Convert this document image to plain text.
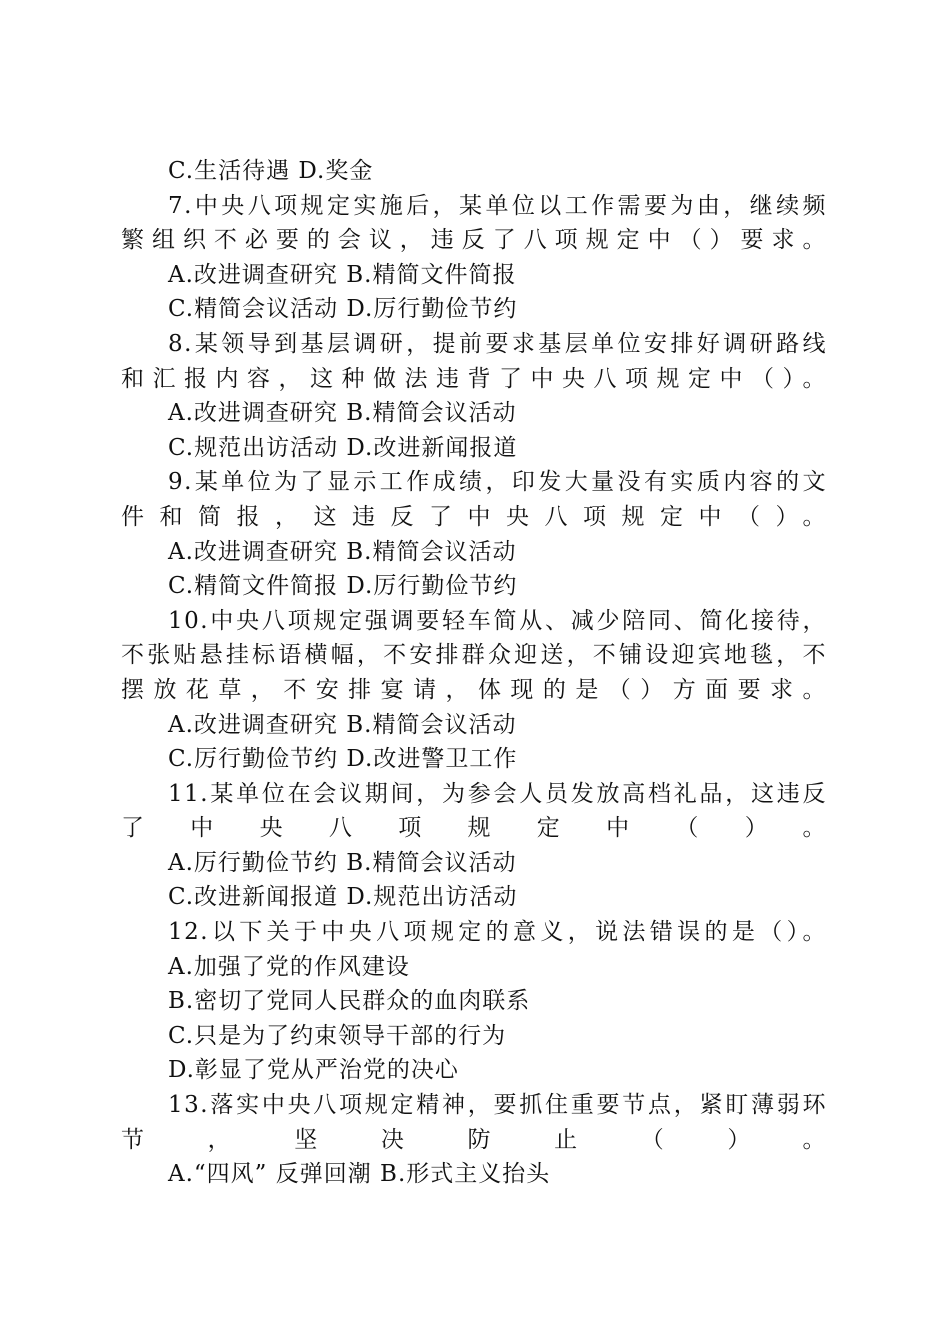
C.生活待遇 D.奖金
7.中央八项规定实施后，某单位以工作需要为由，继续频
繁组织不必要的会议，违反了八项规定中（）要求。
A.改进调查研究 B.精简文件简报
C.精简会议活动 D.厉行勤俭节约
8.某领导到基层调研，提前要求基层单位安排好调研路线
和汇报内容，这种做法违背了中央八项规定中（）。
A.改进调查研究 B.精简会议活动
C.规范出访活动 D.改进新闻报道
9.某单位为了显示工作成绩，印发大量没有实质内容的文
件和简报，这违反了中央八项规定中（）。
A.改进调查研究 B.精简会议活动
C.精简文件简报 D.厉行勤俭节约
10.中央八项规定强调要轻车简从、减少陪同、简化接待，
不张贴悬挂标语横幅，不安排群众迎送，不铺设迎宾地毯，不
摆放花草，不安排宴请，体现的是（）方面要求。
A.改进调查研究 B.精简会议活动
C.厉行勤俭节约 D.改进警卫工作
11.某单位在会议期间，为参会人员发放高档礼品，这违反
了中央八项规定中（）。
A.厉行勤俭节约 B.精简会议活动
C.改进新闻报道 D.规范出访活动
12.以下关于中央八项规定的意义，说法错误的是（）。
A.加强了党的作风建设
B.密切了党同人民群众的血肉联系
C.只是为了约束领导干部的行为
D.彰显了党从严治党的决心
13.落实中央八项规定精神，要抓住重要节点，紧盯薄弱环
节，坚决防止（）。
A.“四风” 反弹回潮 B.形式主义抬头
